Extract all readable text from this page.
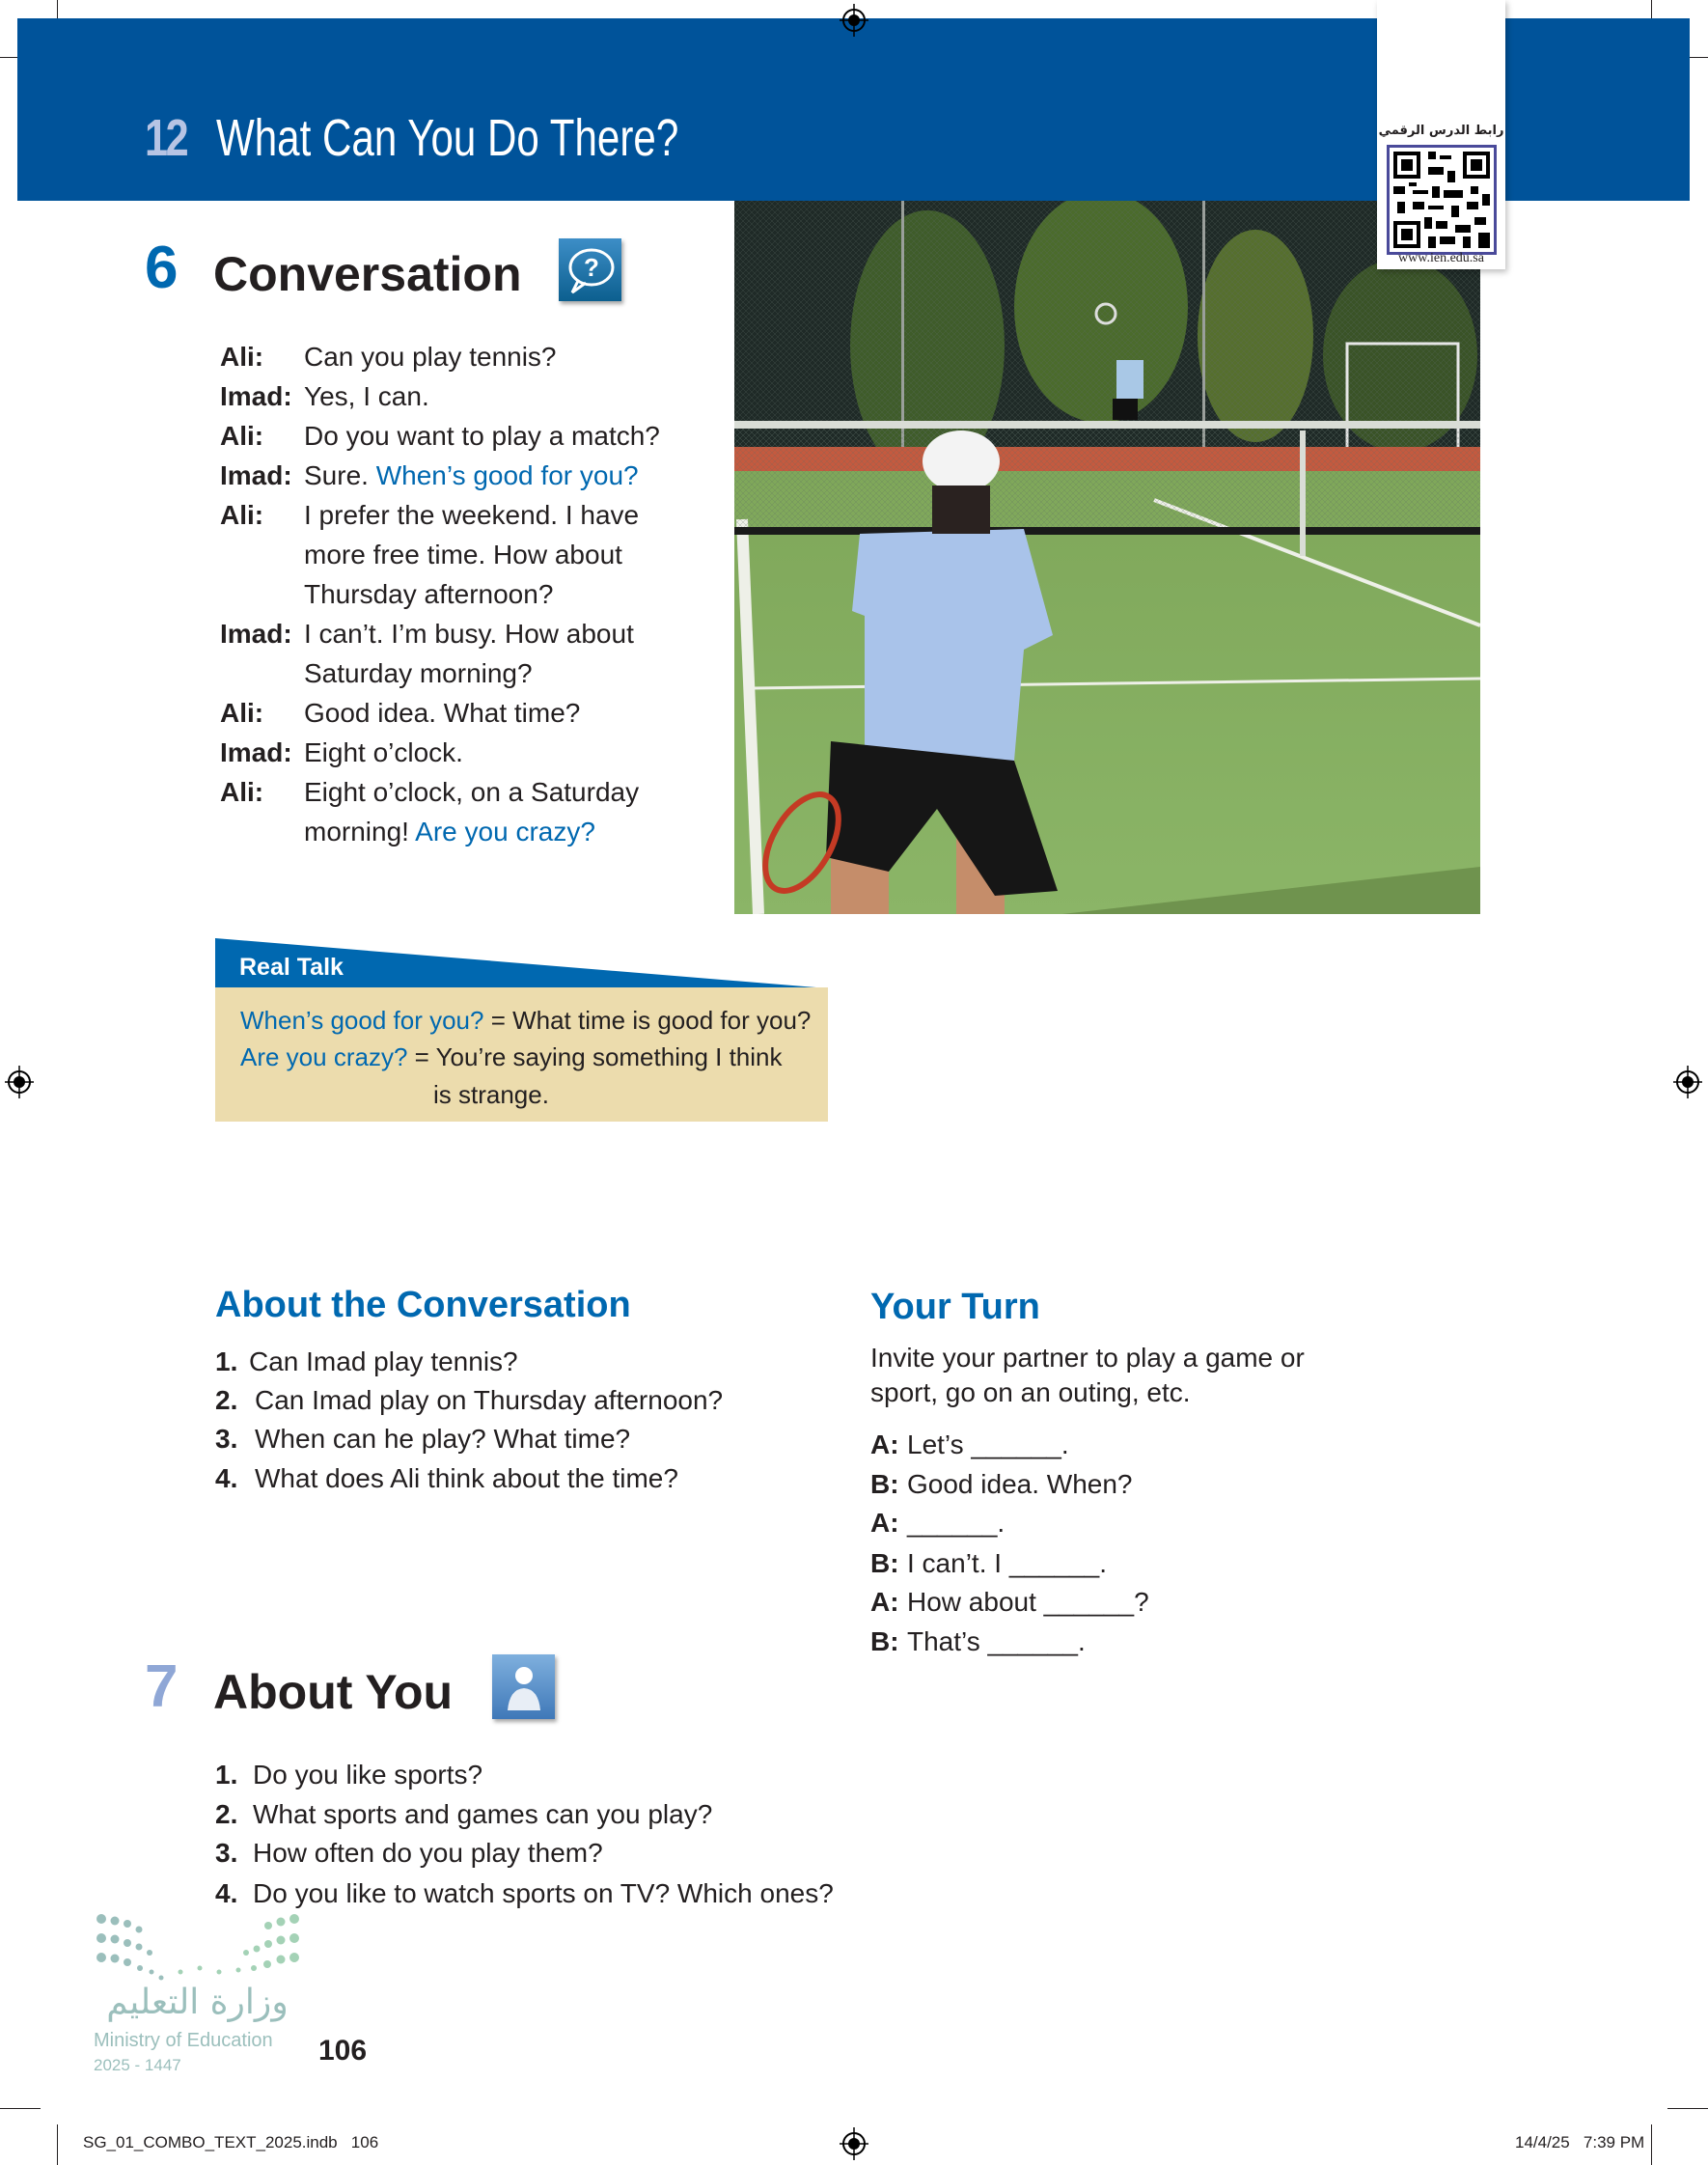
12 What Can You Do There?	رابط الدرس الرقمي
www.ien.edu.sa
6 Conversation ?
Ali: Can you play tennis?
Imad: Yes, I can.
Ali: Do you want to play a match?
Imad: Sure. When’s good for you?
Ali: I prefer the weekend. I have
more free time. How about
Thursday afternoon?
Imad: I can’t. I’m busy. How about
Saturday morning?
Ali: Good idea. What time?
Imad: Eight o’clock.
Ali: Eight o’clock, on a Saturday
morning! Are you crazy?
Real Talk
When’s good for you? = What time is good for you?
Are you crazy? = You’re saying something I think
is strange.
About the Conversation
1. Can Imad play tennis?
2. Can Imad play on Thursday afternoon?
3. When can he play? What time?
4. What does Ali think about the time?
Your Turn
Invite your partner to play a game or
sport, go on an outing, etc.
A: Let’s ______.
B: Good idea. When?
A: ______.
B: I can’t. I ______.
A: How about ______?
B: That’s ______.
7 About You
1. Do you like sports?
2. What sports and games can you play?
3. How often do you play them?
4. Do you like to watch sports on TV? Which ones?
وزارة التعليم
Ministry of Education
2025 - 1447	106
SG_01_COMBO_TEXT_2025.indb   106	14/4/25   7:39 PM
